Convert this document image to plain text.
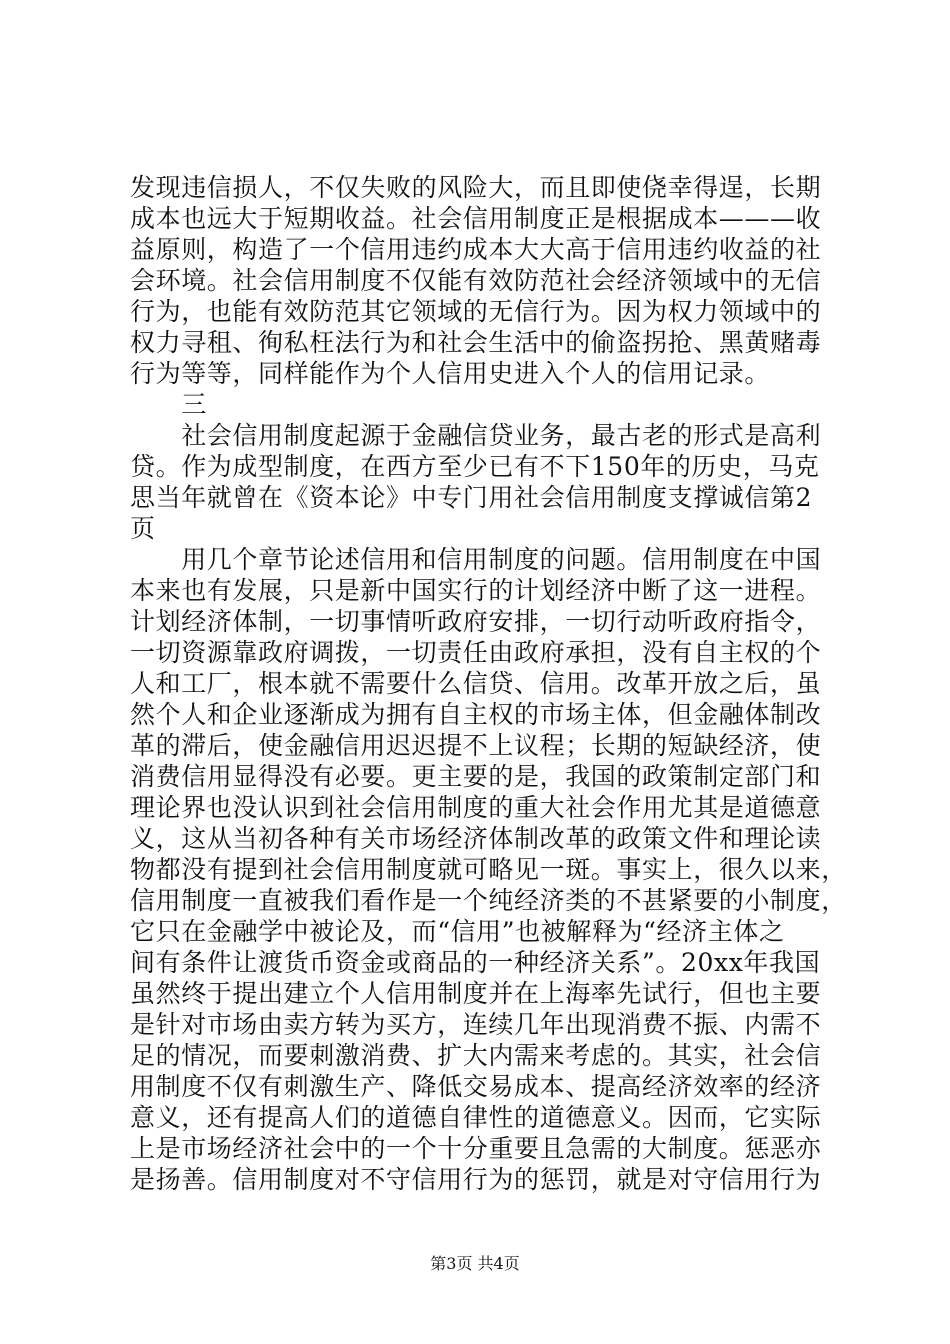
发现违信损人，不仅失败的风险大，而且即使侥幸得逞，长期
成本也远大于短期收益。社会信用制度正是根据成本———收
益原则，构造了一个信用违约成本大大高于信用违约收益的社
会环境。社会信用制度不仅能有效防范社会经济领域中的无信
行为，也能有效防范其它领域的无信行为。因为权力领域中的
权力寻租、徇私枉法行为和社会生活中的偷盗拐抢、黑黄赌毒
行为等等，同样能作为个人信用史进入个人的信用记录。
　　三
　　社会信用制度起源于金融信贷业务，最古老的形式是高利
贷。作为成型制度，在西方至少已有不下150年的历史，马克
思当年就曾在《资本论》中专门用社会信用制度支撑诚信第2
页
　　用几个章节论述信用和信用制度的问题。信用制度在中国
本来也有发展，只是新中国实行的计划经济中断了这一进程。
计划经济体制，一切事情听政府安排，一切行动听政府指令，
一切资源靠政府调拨，一切责任由政府承担，没有自主权的个
人和工厂，根本就不需要什么信贷、信用。改革开放之后，虽
然个人和企业逐渐成为拥有自主权的市场主体，但金融体制改
革的滞后，使金融信用迟迟提不上议程；长期的短缺经济，使
消费信用显得没有必要。更主要的是，我国的政策制定部门和
理论界也没认识到社会信用制度的重大社会作用尤其是道德意
义，这从当初各种有关市场经济体制改革的政策文件和理论读
物都没有提到社会信用制度就可略见一斑。事实上，很久以来，
信用制度一直被我们看作是一个纯经济类的不甚紧要的小制度，
它只在金融学中被论及，而“信用”也被解释为“经济主体之
间有条件让渡货币资金或商品的一种经济关系”。20xx年我国
虽然终于提出建立个人信用制度并在上海率先试行，但也主要
是针对市场由卖方转为买方，连续几年出现消费不振、内需不
足的情况，而要刺激消费、扩大内需来考虑的。其实，社会信
用制度不仅有刺激生产、降低交易成本、提高经济效率的经济
意义，还有提高人们的道德自律性的道德意义。因而，它实际
上是市场经济社会中的一个十分重要且急需的大制度。惩恶亦
是扬善。信用制度对不守信用行为的惩罚，就是对守信用行为
第3页 共4页
